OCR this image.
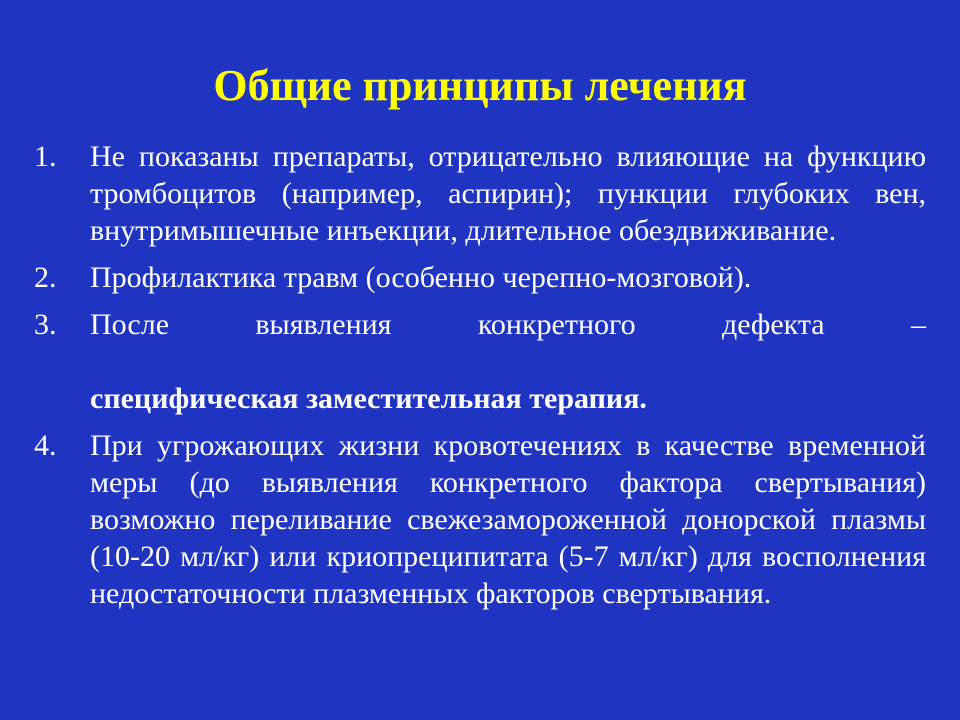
Общие принципы лечения
1. Не показаны препараты, отрицательно влияющие на функцию тромбоцитов (например, аспирин); пункции глубоких вен, внутримышечные инъекции, длительное обездвиживание.
2. Профилактика травм (особенно черепно-мозговой).
3. После выявления конкретного дефекта – специфическая заместительная терапия.
4. При угрожающих жизни кровотечениях в качестве временной меры (до выявления конкретного фактора свертывания) возможно переливание свежезамороженной донорской плазмы (10-20 мл/кг) или криопреципитата (5-7 мл/кг) для восполнения недостаточности плазменных факторов свертывания.
